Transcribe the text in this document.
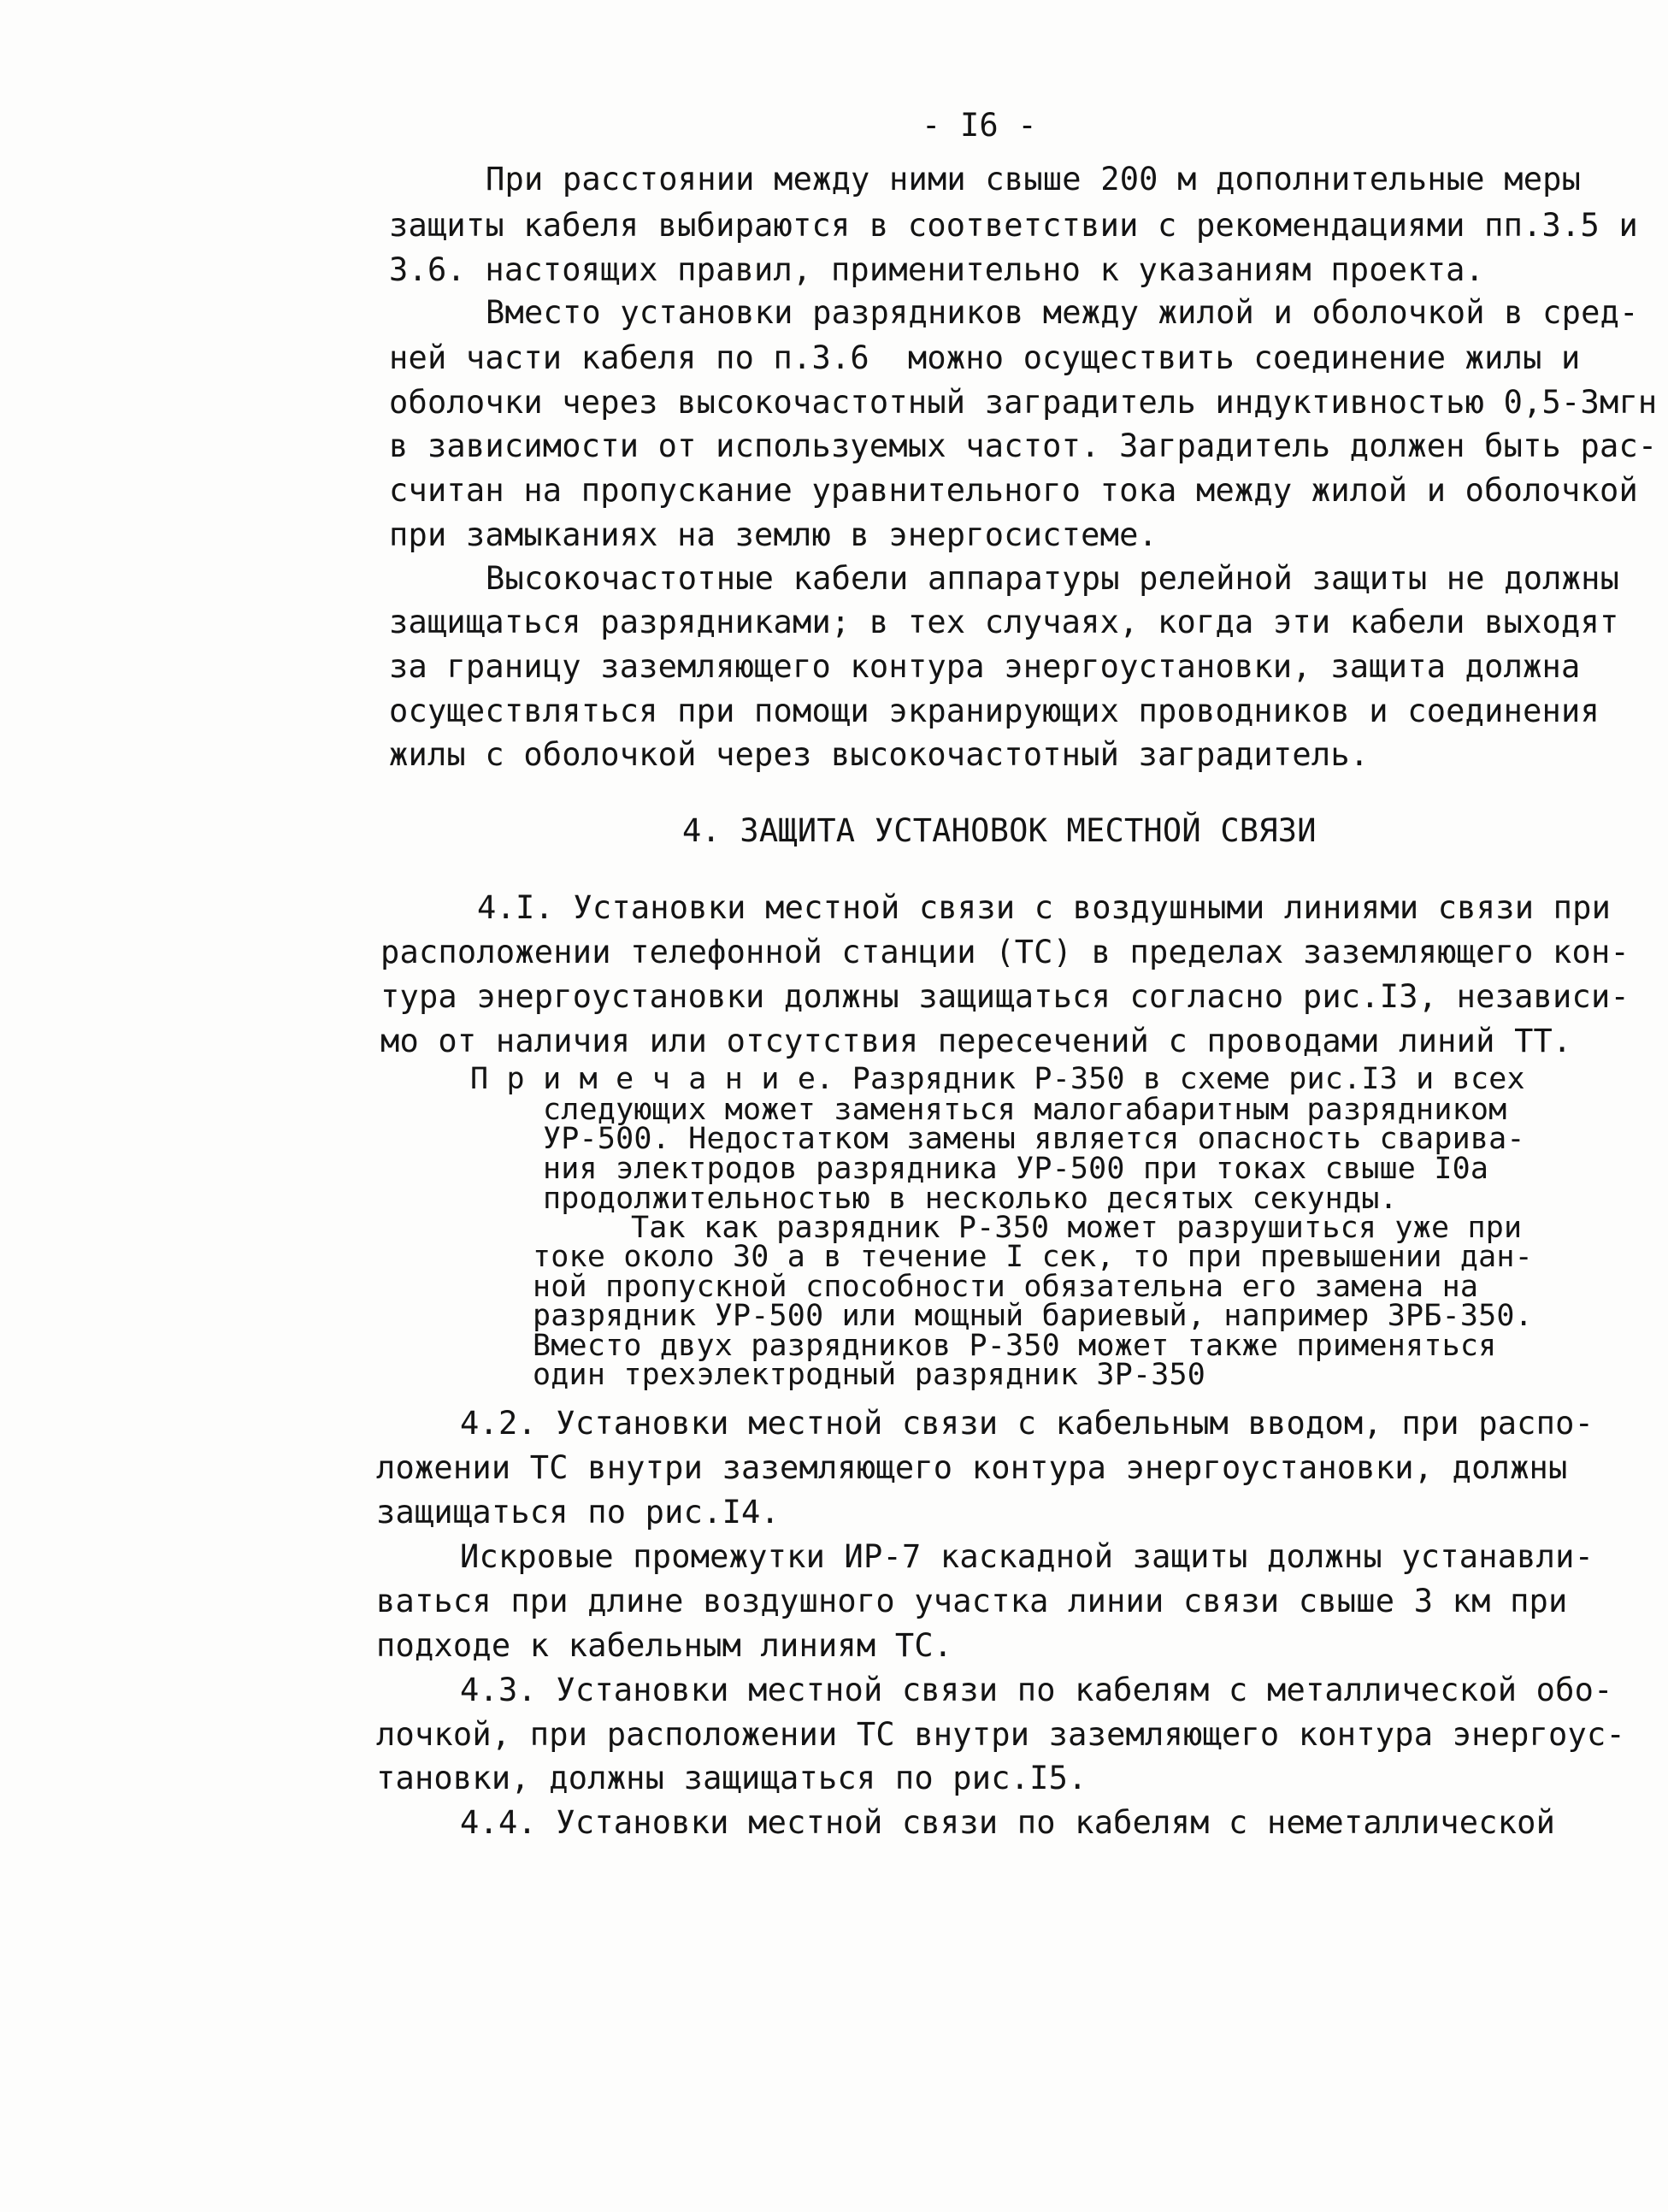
- I6 -
При расстоянии между ними свыше 200 м дополнительные меры
защиты кабеля выбираются в соответствии с рекомендациями пп.3.5 и
3.6. настоящих правил, применительно к указаниям проекта.
Вместо установки разрядников между жилой и оболочкой в сред-
ней части кабеля по п.3.6  можно осуществить соединение жилы и
оболочки через высокочастотный заградитель индуктивностью 0,5-3мгн
в зависимости от используемых частот. Заградитель должен быть рас-
считан на пропускание уравнительного тока между жилой и оболочкой
при замыканиях на землю в энергосистеме.
Высокочастотные кабели аппаратуры релейной защиты не должны
защищаться разрядниками; в тех случаях, когда эти кабели выходят
за границу заземляющего контура энергоустановки, защита должна
осуществляться при помощи экранирующих проводников и соединения
жилы с оболочкой через высокочастотный заградитель.
4. ЗАЩИТА УСТАНОВОК МЕСТНОЙ СВЯЗИ
4.I. Установки местной связи с воздушными линиями связи при
расположении телефонной станции (ТС) в пределах заземляющего кон-
тура энергоустановки должны защищаться согласно рис.I3, независи-
мо от наличия или отсутствия пересечений с проводами линий ТТ.
П р и м е ч а н и е. Разрядник Р-350 в схеме рис.I3 и всех
следующих может заменяться малогабаритным разрядником
УР-500. Недостатком замены является опасность сварива-
ния электродов разрядника УР-500 при токах свыше I0а
продолжительностью в несколько десятых секунды.
Так как разрядник Р-350 может разрушиться уже при
токе около 30 а в течение I сек, то при превышении дан-
ной пропускной способности обязательна его замена на
разрядник УР-500 или мощный бариевый, например 3РБ-350.
Вместо двух разрядников Р-350 может также применяться
один трехэлектродный разрядник 3Р-350
4.2. Установки местной связи с кабельным вводом, при распо-
ложении ТС внутри заземляющего контура энергоустановки, должны
защищаться по рис.I4.
Искровые промежутки ИР-7 каскадной защиты должны устанавли-
ваться при длине воздушного участка линии связи свыше 3 км при
подходе к кабельным линиям ТС.
4.3. Установки местной связи по кабелям с металлической обо-
лочкой, при расположении ТС внутри заземляющего контура энергоус-
тановки, должны защищаться по рис.I5.
4.4. Установки местной связи по кабелям с неметаллической
